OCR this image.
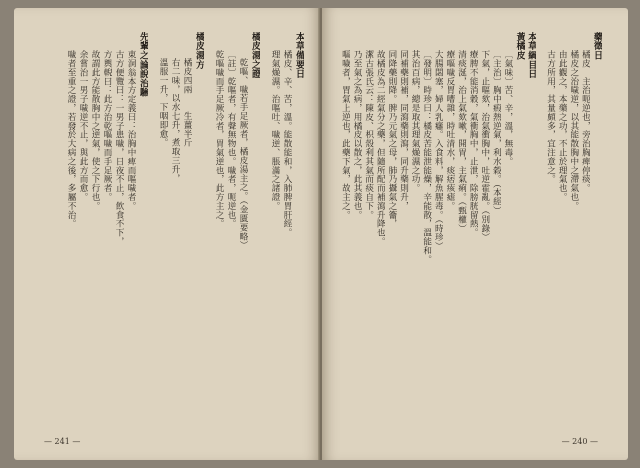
本草備要日
橘皮、辛、苦，溫。能散能和，入肺脾胃肝經。
理氣燥濕。治嘔吐、噦逆、脹滿之諸證。
橘皮湯之證
乾嘔、噦若手足厥者，橘皮湯主之。（金匱要略）
〔註〕乾嘔者，有聲無物也。噦者，呃逆也。
乾嘔噦而手足厥冷者，胃氣逆也，此方主之。
橘皮湯方
橘皮四兩　　生薑半斤
右二味，以水七升，煮取三升，
溫服一升，下咽即愈。
先輩之論說治驗
東洞翁本方定義曰：治胸中痺而嘔噦者。
古方便覽曰：一男子患噦，日夜不止，飲食不下，
方輿輗曰：此方治乾嘔噦而手足厥者。
故謂此方能散胸中之逆氣，使之下行也。
余嘗治一男子噦逆不止，與此方而愈。
噦者至重之證，若發於大病之後，多屬不治。
— 241 —
藥徵日
橘皮　主治呃逆也，旁治胸痺停痰。
橘皮之治噦逆，以其能散胸中之滯氣也。
由此觀之，本藥之功，不止於理氣也。
古方所用，其量頗多，宜注意之。
本草綱目日
黃橘皮
〔氣味〕苦、辛，溫，無毒。
〔主治〕胸中瘕熱逆氣，利水穀。（本經）
下氣，止嘔欬，治氣衝胸中，吐逆霍亂。（別錄）
療脾不能消穀，氣衝胸中，止泄，除膀胱留熱。
清痰涎，治上氣欬嗽，開胃，主氣痢。（甄權）
療嘔噦反胃嘈雜，時吐清水，痰痞痎瘧。
大腸閟塞，婦人乳癰。入食料，解魚腥毒。（時珍）
〔發明〕時珍曰：橘皮苦能泄能燥，辛能散，溫能和。
其治百病，總是取其理氣燥濕之功。
同補藥則補，同瀉藥則瀉，同升藥則升，
同降藥則降。脾乃元氣之母，肺乃攝氣之籥，
故橘皮為二經氣分之藥，但隨所配而補瀉升降也。
潔古張氏云：陳皮、枳殼利其氣而痰自下。
乃至氣之為病，用橘皮以散之，此其義也。
嘔噦者，胃氣上逆也，此藥下氣，故主之。
— 240 —
